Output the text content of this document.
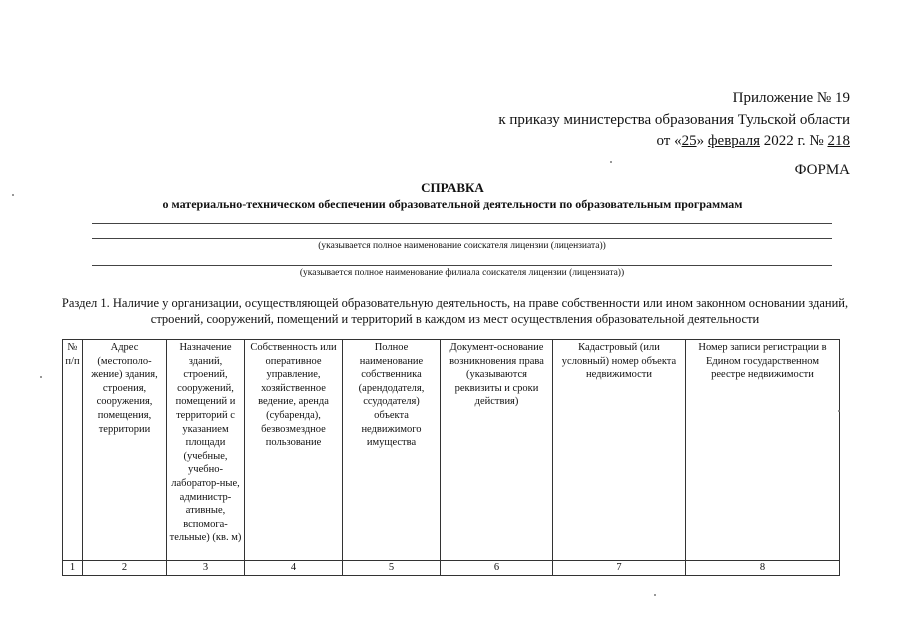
Приложение № 19
к приказу министерства образования Тульской области
от «25» февраля 2022 г. № 218
ФОРМА
СПРАВКА
о материально-техническом обеспечении образовательной деятельности по образовательным программам
(указывается полное наименование соискателя лицензии (лицензиата))
(указывается полное наименование филиала соискателя лицензии (лицензиата))
Раздел 1. Наличие у организации, осуществляющей образовательную деятельность, на праве собственности или ином законном основании зданий, строений, сооружений, помещений и территорий в каждом из мест осуществления образовательной деятельности
№ п/п	Адрес (местополо-жение) здания, строения, сооружения, помещения, территории	Назначение зданий, строений, сооружений, помещений и территорий с указанием площади (учебные, учебно-лаборатор-ные, администр-ативные, вспомога-тельные) (кв. м)	Собственность или оперативное управление, хозяйственное ведение, аренда (субаренда), безвозмездное пользование	Полное наименование собственника (арендодателя, ссудодателя) объекта недвижимого имущества	Документ-основание возникновения права (указываются реквизиты и сроки действия)	Кадастровый (или условный) номер объекта недвижимости	Номер записи регистрации в Едином государственном реестре недвижимости
1	2	3	4	5	6	7	8
